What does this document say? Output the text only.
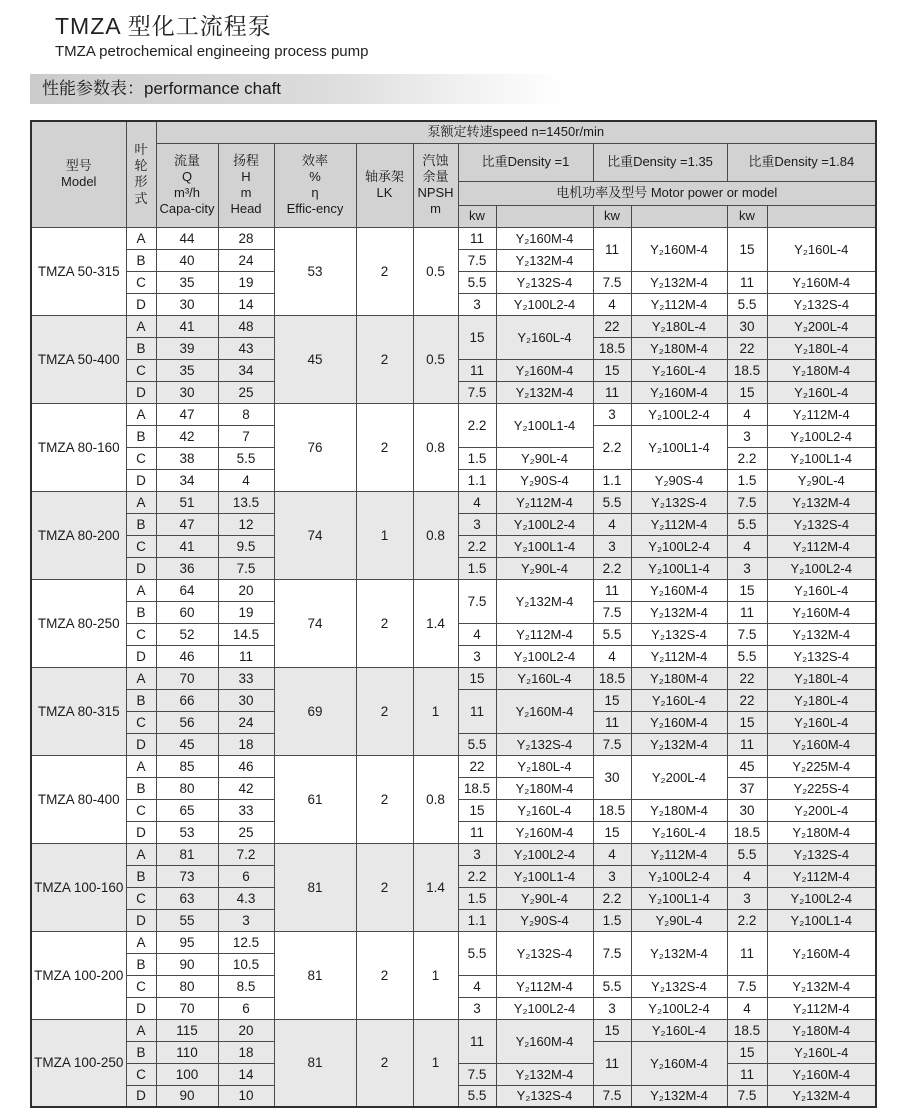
TMZA 型化工流程泵

TMZA petrochemical engineeing process pump

性能参数表：performance chaft
型号
Model	叶
轮
形
式	泵额定转速speed n=1450r/min										
		流量
Q
m³/h
Capa-city	扬程
H
m
Head	效率
%
η
Effic-ency	轴承架
LK	汽蚀
余量
NPSH
m	比重Density =1		比重Density =1.35		比重Density =1.84	
							电机功率及型号 Motor power or model					
							kw		kw		kw	
TMZA 50-315	A	44	28	53	2	0.5	11	Y₂160M-4	11	Y₂160M-4	15	Y₂160L-4
	B	40	24				7.5	Y₂132M-4				
	C	35	19				5.5	Y₂132S-4	7.5	Y₂132M-4	11	Y₂160M-4
	D	30	14				3	Y₂100L2-4	4	Y₂112M-4	5.5	Y₂132S-4
TMZA 50-400	A	41	48	45	2	0.5	15	Y₂160L-4	22	Y₂180L-4	30	Y₂200L-4
	B	39	43						18.5	Y₂180M-4	22	Y₂180L-4
	C	35	34				11	Y₂160M-4	15	Y₂160L-4	18.5	Y₂180M-4
	D	30	25				7.5	Y₂132M-4	11	Y₂160M-4	15	Y₂160L-4
TMZA 80-160	A	47	8	76	2	0.8	2.2	Y₂100L1-4	3	Y₂100L2-4	4	Y₂112M-4
	B	42	7						2.2	Y₂100L1-4	3	Y₂100L2-4
	C	38	5.5				1.5	Y₂90L-4			2.2	Y₂100L1-4
	D	34	4				1.1	Y₂90S-4	1.1	Y₂90S-4	1.5	Y₂90L-4
TMZA 80-200	A	51	13.5	74	1	0.8	4	Y₂112M-4	5.5	Y₂132S-4	7.5	Y₂132M-4
	B	47	12				3	Y₂100L2-4	4	Y₂112M-4	5.5	Y₂132S-4
	C	41	9.5				2.2	Y₂100L1-4	3	Y₂100L2-4	4	Y₂112M-4
	D	36	7.5				1.5	Y₂90L-4	2.2	Y₂100L1-4	3	Y₂100L2-4
TMZA 80-250	A	64	20	74	2	1.4	7.5	Y₂132M-4	11	Y₂160M-4	15	Y₂160L-4
	B	60	19						7.5	Y₂132M-4	11	Y₂160M-4
	C	52	14.5				4	Y₂112M-4	5.5	Y₂132S-4	7.5	Y₂132M-4
	D	46	11				3	Y₂100L2-4	4	Y₂112M-4	5.5	Y₂132S-4
TMZA 80-315	A	70	33	69	2	1	15	Y₂160L-4	18.5	Y₂180M-4	22	Y₂180L-4
	B	66	30				11	Y₂160M-4	15	Y₂160L-4	22	Y₂180L-4
	C	56	24						11	Y₂160M-4	15	Y₂160L-4
	D	45	18				5.5	Y₂132S-4	7.5	Y₂132M-4	11	Y₂160M-4
TMZA 80-400	A	85	46	61	2	0.8	22	Y₂180L-4	30	Y₂200L-4	45	Y₂225M-4
	B	80	42				18.5	Y₂180M-4			37	Y₂225S-4
	C	65	33				15	Y₂160L-4	18.5	Y₂180M-4	30	Y₂200L-4
	D	53	25				11	Y₂160M-4	15	Y₂160L-4	18.5	Y₂180M-4
TMZA 100-160	A	81	7.2	81	2	1.4	3	Y₂100L2-4	4	Y₂112M-4	5.5	Y₂132S-4
	B	73	6				2.2	Y₂100L1-4	3	Y₂100L2-4	4	Y₂112M-4
	C	63	4.3				1.5	Y₂90L-4	2.2	Y₂100L1-4	3	Y₂100L2-4
	D	55	3				1.1	Y₂90S-4	1.5	Y₂90L-4	2.2	Y₂100L1-4
TMZA 100-200	A	95	12.5	81	2	1	5.5	Y₂132S-4	7.5	Y₂132M-4	11	Y₂160M-4
	B	90	10.5									
	C	80	8.5				4	Y₂112M-4	5.5	Y₂132S-4	7.5	Y₂132M-4
	D	70	6				3	Y₂100L2-4	3	Y₂100L2-4	4	Y₂112M-4
TMZA 100-250	A	115	20	81	2	1	11	Y₂160M-4	15	Y₂160L-4	18.5	Y₂180M-4
	B	110	18						11	Y₂160M-4	15	Y₂160L-4
	C	100	14				7.5	Y₂132M-4			11	Y₂160M-4
	D	90	10				5.5	Y₂132S-4	7.5	Y₂132M-4	7.5	Y₂132M-4
